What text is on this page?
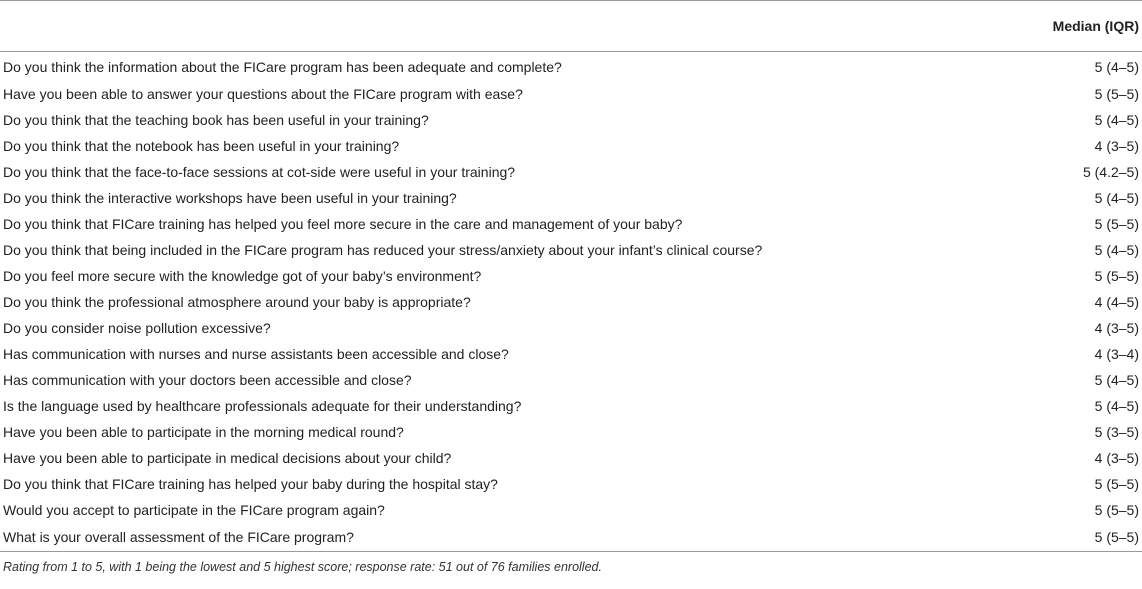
	Median (IQR)
Do you think the information about the FICare program has been adequate and complete?	5 (4–5)
Have you been able to answer your questions about the FICare program with ease?	5 (5–5)
Do you think that the teaching book has been useful in your training?	5 (4–5)
Do you think that the notebook has been useful in your training?	4 (3–5)
Do you think that the face-to-face sessions at cot-side were useful in your training?	5 (4.2–5)
Do you think the interactive workshops have been useful in your training?	5 (4–5)
Do you think that FICare training has helped you feel more secure in the care and management of your baby?	5 (5–5)
Do you think that being included in the FICare program has reduced your stress/anxiety about your infant’s clinical course?	5 (4–5)
Do you feel more secure with the knowledge got of your baby’s environment?	5 (5–5)
Do you think the professional atmosphere around your baby is appropriate?	4 (4–5)
Do you consider noise pollution excessive?	4 (3–5)
Has communication with nurses and nurse assistants been accessible and close?	4 (3–4)
Has communication with your doctors been accessible and close?	5 (4–5)
Is the language used by healthcare professionals adequate for their understanding?	5 (4–5)
Have you been able to participate in the morning medical round?	5 (3–5)
Have you been able to participate in medical decisions about your child?	4 (3–5)
Do you think that FICare training has helped your baby during the hospital stay?	5 (5–5)
Would you accept to participate in the FICare program again?	5 (5–5)
What is your overall assessment of the FICare program?	5 (5–5)
Rating from 1 to 5, with 1 being the lowest and 5 highest score; response rate: 51 out of 76 families enrolled.
